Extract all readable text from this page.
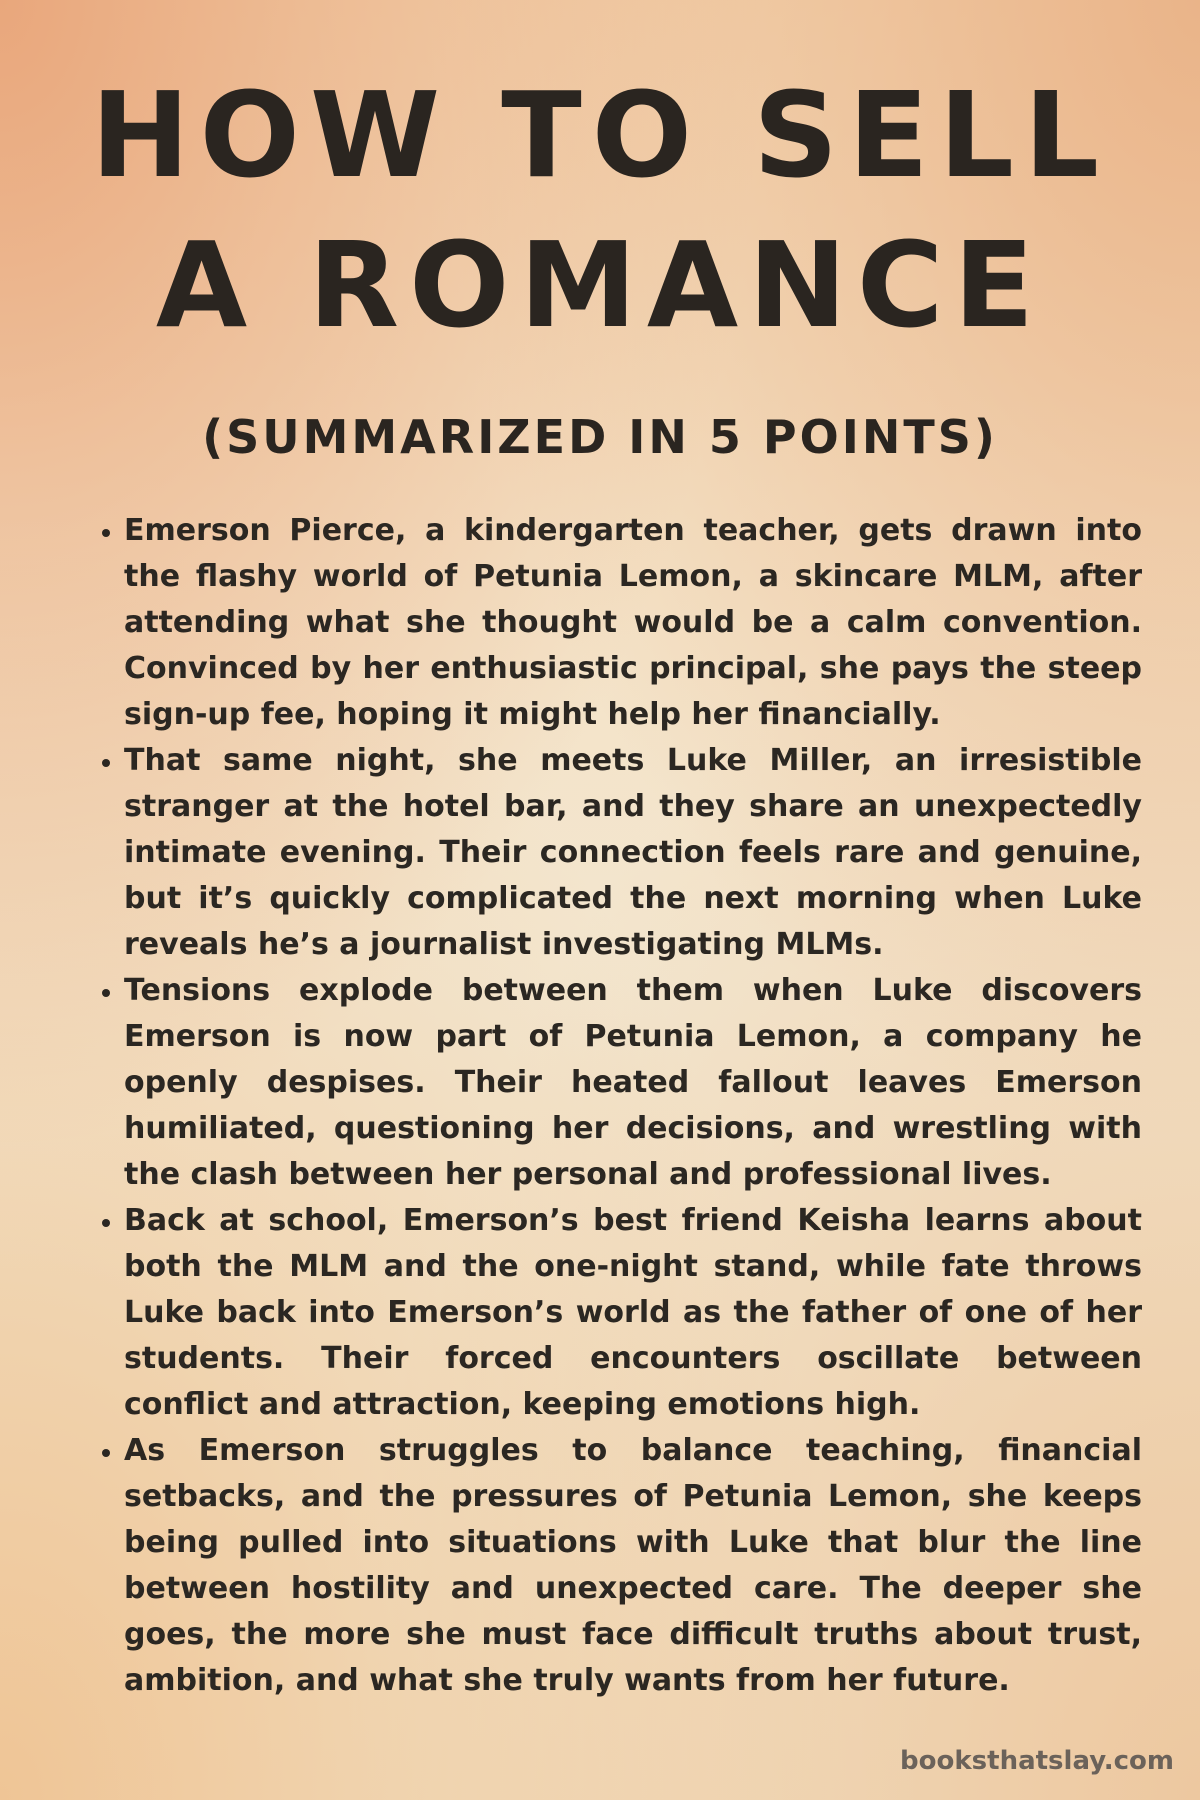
HOW TO SELL A ROMANCE
(SUMMARIZED IN 5 POINTS)
• Emerson Pierce, a kindergarten teacher, gets drawn into the flashy world of Petunia Lemon, a skincare MLM, after attending what she thought would be a calm convention. Convinced by her enthusiastic principal, she pays the steep sign-up fee, hoping it might help her financially.
• That same night, she meets Luke Miller, an irresistible stranger at the hotel bar, and they share an unexpectedly intimate evening. Their connection feels rare and genuine, but it’s quickly complicated the next morning when Luke reveals he’s a journalist investigating MLMs.
• Tensions explode between them when Luke discovers Emerson is now part of Petunia Lemon, a company he openly despises. Their heated fallout leaves Emerson humiliated, questioning her decisions, and wrestling with the clash between her personal and professional lives.
• Back at school, Emerson’s best friend Keisha learns about both the MLM and the one-night stand, while fate throws Luke back into Emerson’s world as the father of one of her students. Their forced encounters oscillate between conflict and attraction, keeping emotions high.
• As Emerson struggles to balance teaching, financial setbacks, and the pressures of Petunia Lemon, she keeps being pulled into situations with Luke that blur the line between hostility and unexpected care. The deeper she goes, the more she must face difficult truths about trust, ambition, and what she truly wants from her future.
booksthatslay.com
